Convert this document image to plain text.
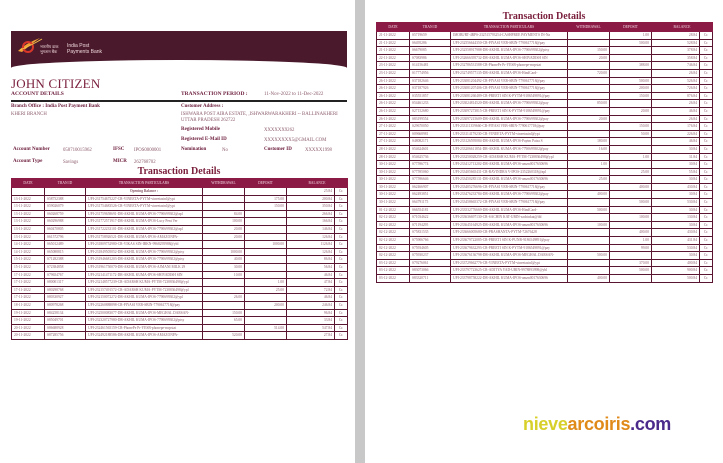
भारतीय डाक
भुगतान बैंक
India Post
Payments Bank
JOHN CITIZEN
ACCOUNT DETAILS	TRANSACTION PERIOD :	11-Nov-2022 to 11-Dec-2022
Branch Office : India Post Payment Bank
KHERI BRANCH
Customer Address :
ISHWARA POST AIRA ESTATE, ,ISHWARWARAKHERI -- BALLINAKHERI UTTAR PRADESH 262722
Registered Mobile	XXXXXX9262
Registered E-Mail ID	XXXXXXXX5@GMAIL.COM
Account Number	058710015962	IFSC IPOS0000001	Nomination	No	Customer ID	XXXXX1998
Account Type	Savings	MICR 262768702
Transaction Details
DATE	TRAN ID	TRANSACTION PARTICULARS	WITHDRAWAL	DEPOSIT	BALANCE	
		Opening Balance :			25.84	Cr.
13-11-2022	S58752388	UPI-231754675227-CR-VINEETA-PYTM-vineetasinl@ypt		175.00	200.84	Cr.
13-11-2022	S59026079	UPI-231754683526-CR-VINEETA-PYTM-vineetasinl@ypt		150.00	350.84	Cr.
13-11-2022	S60268759	UPI-231759658691-DR-AKHIL KUMA-IPOS-7790699302@apl	84.00		266.84	Cr.
13-11-2022	S60296988	UPI-231772571917-DR-AKHIL KUMA-IPOS-Lucy Pent Ver	100.00		166.84	Cr.
13-11-2022	S60470805	UPI-231722233101-DR-AKHIL KUMA-IPOS-7790699302@apl	20.00		146.84	Cr.
13-11-2022	S61572796	UPI-231758926521-DR-AKHIL KUMA-IPOS-AMAZONPA-	20.00		126.84	Cr.
14-11-2022	S65012489	UPI-231809752980-CR-VIKAS SIN-IBKN-9968295988@ybl		1000.00	1126.84	Cr.
14-11-2022	S65088815	UPI-231849505052-DR-AKHIL KUMA-IPOS-7790699302@ptsy	1000.00		126.84	Cr.
15-11-2022	S71282388	UPI-231946681203-DR-AKHIL KUMA-IPOS-7790699302@ptsy	40.00		86.84	Cr.
15-11-2022	S72384858	UPI-231961750070-DR-AKHIL KUMA-IPOS-AJMANI MILK 29	30.00		56.84	Cr.
17-11-2022	S79654767	UPI-232141471172-DR-AKHIL KUMA-IPOS-SHIVADISH SIN	10.00		46.84	Cr.
17-11-2022	S80001317	UPI-232148577239-CR-ADARSH KUMA-PYTM-7238836498@ypl		1.00	47.84	Cr.
17-11-2022	S80298768	UPI-232157491572-CR-ADARSH KUMA-PYTM-7238836498@ypl		25.00	72.84	Cr.
17-11-2022	S80330927	UPI-232150072272-DR-AKHIL KUMA-IPOS-7790699302@ypl	26.00		46.84	Cr.
18-11-2022	S80978268	UPI-232260888898-CR-PIYASI VEB-SBIN-7790617718@pay		200.00	246.84	Cr.
19-11-2022	S84258134	UPI-232500083077-DR-AKHIL KUMA-IPOS-MEGHAL DARSAN-	150.00		96.84	Cr.
19-11-2022	S85049701	UPI-232320727980-DR-AKHIL KUMA-IPOS-7790699302@ptsy	65.00		33.84	Cr.
20-11-2022	S86688928	UPI-232461565159-CR-PhonePe Pr-YESB-phonepe-mrpstat		514.00	547.84	Cr.
20-11-2022	S87285756	UPI-232492188586-DR-AKHIL KUMA-IPOS-AMAZONPA-	520.00		27.84	Cr.
Transaction Details
DATE	TRAN ID	TRANSACTION PARTICULARS	WITHDRAWAL	DEPOSIT	BALANCE	
21-11-2022	S5719659	IMOBI/RT-4RPS-232515793254-CASHFREE PAYMENTS IN-Na		1.00	28.84	Cr.
21-11-2022	S6495286	UPI-232556644350-CR-PIYASI VEB-SBIN-7790617718@pay		500.00	528.84	Cr.
21-11-2022	S6679085	UPI-232558917988-DR-AKHIL KUMA-IPOS-7790699302@ptsy	150.00		378.84	Cr.
22-11-2022	S7083986	UPI-232666395732-DR-AKHIL KUMA-IPOS-SHIVADISH SIN	20.00		358.84	Cr.
23-11-2022	S14156481	UPI-232786531588-CR-PhonePe Pr-YESB-phonepe-mrpstat		388.00	746.84	Cr.
23-11-2022	S17774956	UPI-232749577135-DR-AKHIL KUMA-IPOS-HindCard-	720.00		26.84	Cr.
26-11-2022	S37182646	UPI-233081204492-CR-PIYASI VEB-SBIN-7790617718@pay		500.00	526.84	Cr.
26-11-2022	S37187926	UPI-233081207406-CR-PIYASI VEB-SBIN-7790617718@pay		200.00	726.84	Cr.
26-11-2022	S35551857	UPI-233081260489-CR-PREETI SIN K-PYTM-9186549891@pay		150.00	876.84	Cr.
26-11-2022	S54461233	UPI-233024814520-DR-AKHIL KUMA-IPOS-7790699302@pay	850.00		26.84	Cr.
26-11-2022	S27152680	UPI-233097273815-CR-PREETI SIN K-PYTM-9186549891@pay		20.00	46.84	Cr.
26-11-2022	S83199554	UPI-233097215609-DR-AKHIL KUMA-IPOS-7790699302@pay	20.00		26.84	Cr.
27-11-2022	S29670050	UPI-233111359660-CR-PIYASI VEB-SBIN-7790617718@pay		150.00	176.84	Cr.
27-11-2022	S09668981	UPI-233114179230-CR-VINEETA-PYTM-vineetasinl@ypt		50.00	226.84	Cr.
27-11-2022	S48082171	UPI-233126595084-DR-AKHIL KUMA-IPOS-Paytm Paisa S	180.00		46.84	Cr.
28-11-2022	S54624601	UPI-233206611854-DR-AKHIL KUMA-IPOS-7790699302@pay	16.00		30.84	Cr.
28-11-2022	S54625736	UPI-233250028259-CR-ADARSH KUMA-PYTM-7238836498@ypl		1.00	31.84	Cr.
30-11-2022	S77596774	UPI-233412713202-DR-AKHIL KUMA-IPOS-amzn0017630696	1.00		30.84	Cr.
30-11-2022	S77595060	UPI-233405665431-CR-RAVINDRA V-IPOS-2352260318@apl		25.00	55.84	Cr.
30-11-2022	S77596646	UPI-233450285131-DR-AKHIL KUMA-IPOS-amzn0017630696	25.00		30.84	Cr.
30-11-2022	S62466907	UPI-233405276696-CR-PIYASI VEB-SBIN-7790617718@pay		400.00	430.84	Cr.
30-11-2022	S62493851	UPI-233476233784-DR-AKHIL KUMA-IPOS-7790699302@pay	400.00		30.84	Cr.
30-11-2022	S64791175	UPI-233458665372-CR-PIYASI VEB-SBIN-7790617718@pay		500.00	530.84	Cr.
01-12-2022	S66554181	UPI-233532776669-DR-AKHIL KUMA-IPOS-HindCard-	500.00		30.84	Cr.
02-12-2022	S71034622	UPI-233636697130-CR-SACHIN KAT-UBIN-sachinkat@ibl		100.00	130.84	Cr.
02-12-2022	S71194295	UPI-233645164925-DR-AKHIL KUMA-IPOS-amzn0017630696	100.00		30.84	Cr.
02-12-2022	S75831535	UPI-233666005680-CR-PRASHANTA-PYTM-72676428		400.00	430.84	Cr.
02-12-2022	S75906766	UPI-233679722085-CR-PREETI SIN K-PUNB-9186549891@pay		1.00	431.84	Cr.
02-12-2022	S75934605	UPI-233679632293-CR-PREETI SIN K-PYTM-9186549891@pay		99.00	530.84	Cr.
02-12-2022	S75930237	UPI-233676136798-DR-AKHIL KUMA-IPOS-MEGHAL DARSAN-	500.00		30.84	Cr.
03-12-2022	S79276061	UPI-233729662776-CR-VINEETA-PYTM-vineetasinl@ypt		370.00	400.84	Cr.
03-12-2022	S83073066	UPI-233797723625-CR-ADITYA YAD-UBIN-9978893998@ybl		500.00	900.84	Cr.
03-12-2022	S83320711	UPI-233798758222-DR-AKHIL KUMA-IPOS-amzn0017630696	400.00		500.84	Cr.
nievearcoiris.com
